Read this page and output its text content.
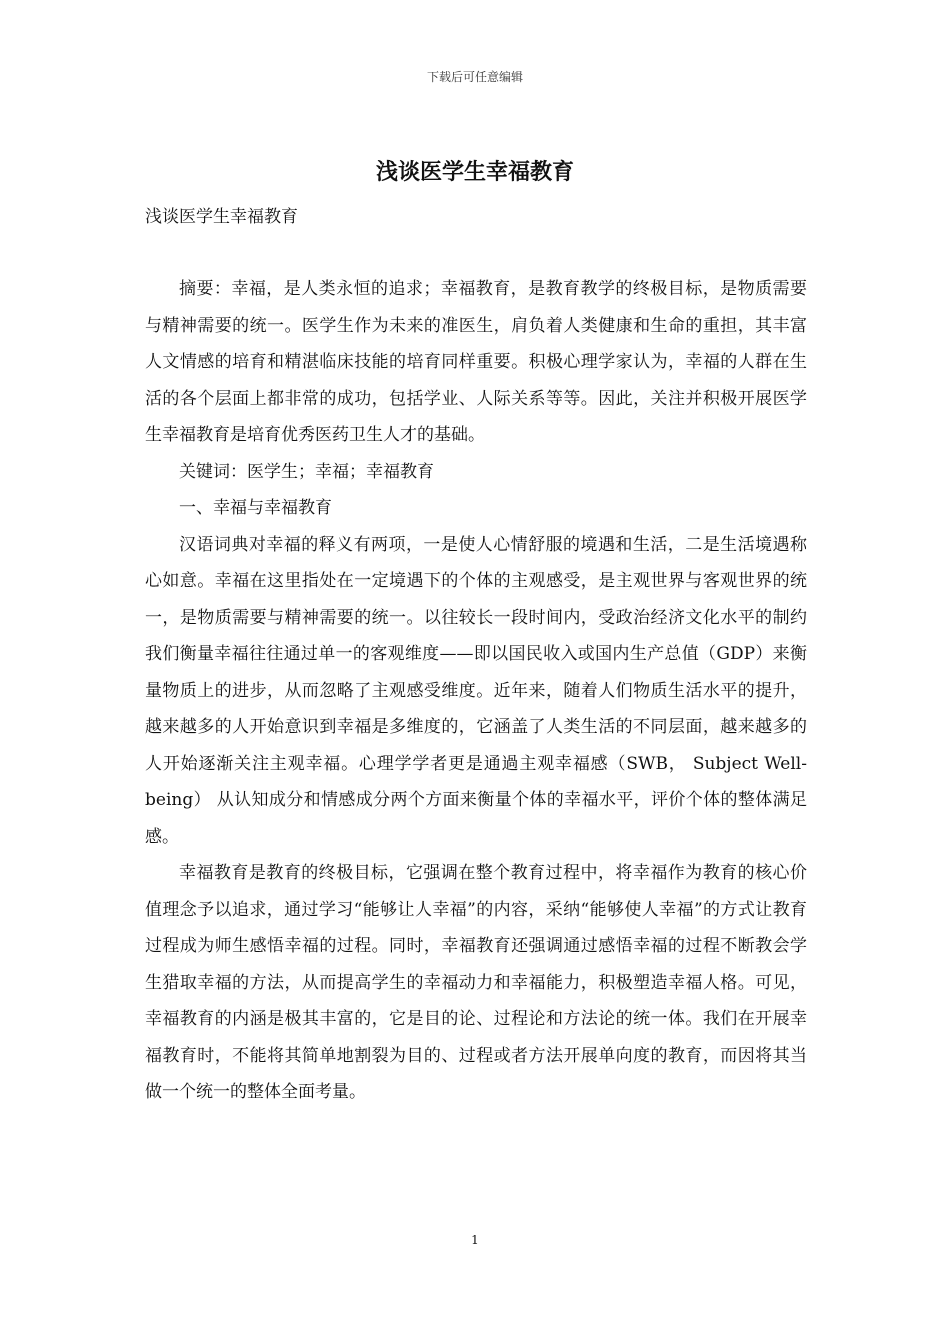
下载后可任意编辑
浅谈医学生幸福教育
浅谈医学生幸福教育

摘要：幸福，是人类永恒的追求；幸福教育，是教育教学的终极目标，是物质需要与精神需要的统一。医学生作为未来的准医生，肩负着人类健康和生命的重担，其丰富人文情感的培育和精湛临床技能的培育同样重要。积极心理学家认为，幸福的人群在生活的各个层面上都非常的成功，包括学业、人际关系等等。因此，关注并积极开展医学生幸福教育是培育优秀医药卫生人才的基础。

关键词：医学生；幸福；幸福教育

一、幸福与幸福教育

汉语词典对幸福的释义有两项，一是使人心情舒服的境遇和生活，二是生活境遇称心如意。幸福在这里指处在一定境遇下的个体的主观感受，是主观世界与客观世界的统一，是物质需要与精神需要的统一。以往较长一段时间内，受政治经济文化水平的制约我们衡量幸福往往通过单一的客观维度——即以国民收入或国内生产总值（GDP）来衡量物质上的进步，从而忽略了主观感受维度。近年来，随着人们物质生活水平的提升，越来越多的人开始意识到幸福是多维度的，它涵盖了人类生活的不同层面，越来越多的人开始逐渐关注主观幸福。心理学学者更是通過主观幸福感（SWB， Subject Well-being） 从认知成分和情感成分两个方面来衡量个体的幸福水平，评价个体的整体满足感。

幸福教育是教育的终极目标，它强调在整个教育过程中，将幸福作为教育的核心价值理念予以追求，通过学习“能够让人幸福”的内容，采纳“能够使人幸福”的方式让教育过程成为师生感悟幸福的过程。同时，幸福教育还强调通过感悟幸福的过程不断教会学生猎取幸福的方法，从而提高学生的幸福动力和幸福能力，积极塑造幸福人格。可见，幸福教育的内涵是极其丰富的，它是目的论、过程论和方法论的统一体。我们在开展幸福教育时，不能将其简单地割裂为目的、过程或者方法开展单向度的教育，而因将其当做一个统一的整体全面考量。

1
